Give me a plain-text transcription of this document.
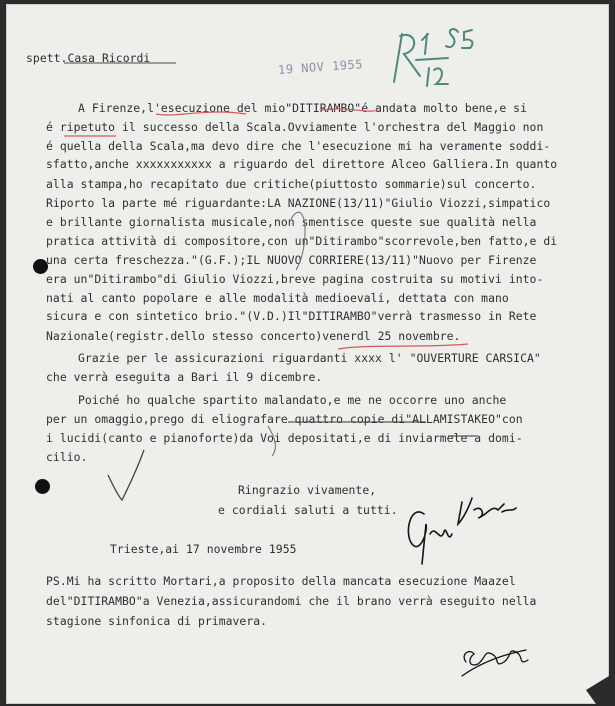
spett.Casa Ricordi	19 NOV 1955
A Firenze,l'esecuzione del mio"DITIRAMBO"é andata molto bene,e si
é ripetuto il successo della Scala.Ovviamente l'orchestra del Maggio non
é quella della Scala,ma devo dire che l'esecuzione mi ha veramente soddi-
sfatto,anche xxxxxxxxxxx a riguardo del direttore Alceo Galliera.In quanto
alla stampa,ho recapitato due critiche(piuttosto sommarie)sul concerto.
Riporto la parte mé riguardante:LA NAZIONE(13/11)"Giulio Viozzi,simpatico
e brillante giornalista musicale,non smentisce queste sue qualità nella
pratica attività di compositore,con un"Ditirambo"scorrevole,ben fatto,e di
una certa freschezza."(G.F.);IL NUOVO CORRIERE(13/11)"Nuovo per Firenze
era un"Ditirambo"di Giulio Viozzi,breve pagina costruita su motivi into-
nati al canto popolare e alle modalità medioevali, dettata con mano
sicura e con sintetico brio."(V.D.)Il"DITIRAMBO"verrà trasmesso in Rete
Nazionale(registr.dello stesso concerto)venerdl 25 novembre.
Grazie per le assicurazioni riguardanti xxxx l' "OUVERTURE CARSICA"
che verrà eseguita a Bari il 9 dicembre.
Poiché ho qualche spartito malandato,e me ne occorre uno anche
per un omaggio,prego di eliografare quattro copie di"ALLAMISTAKEO"con
i lucidi(canto e pianoforte)da Voi depositati,e di inviarmele a domi-
cilio.
Ringrazio vivamente,
e cordiali saluti a tutti.
Trieste,ai 17 novembre 1955
PS.Mi ha scritto Mortari,a proposito della mancata esecuzione Maazel
del"DITIRAMBO"a Venezia,assicurandomi che il brano verrà eseguito nella
stagione sinfonica di primavera.
